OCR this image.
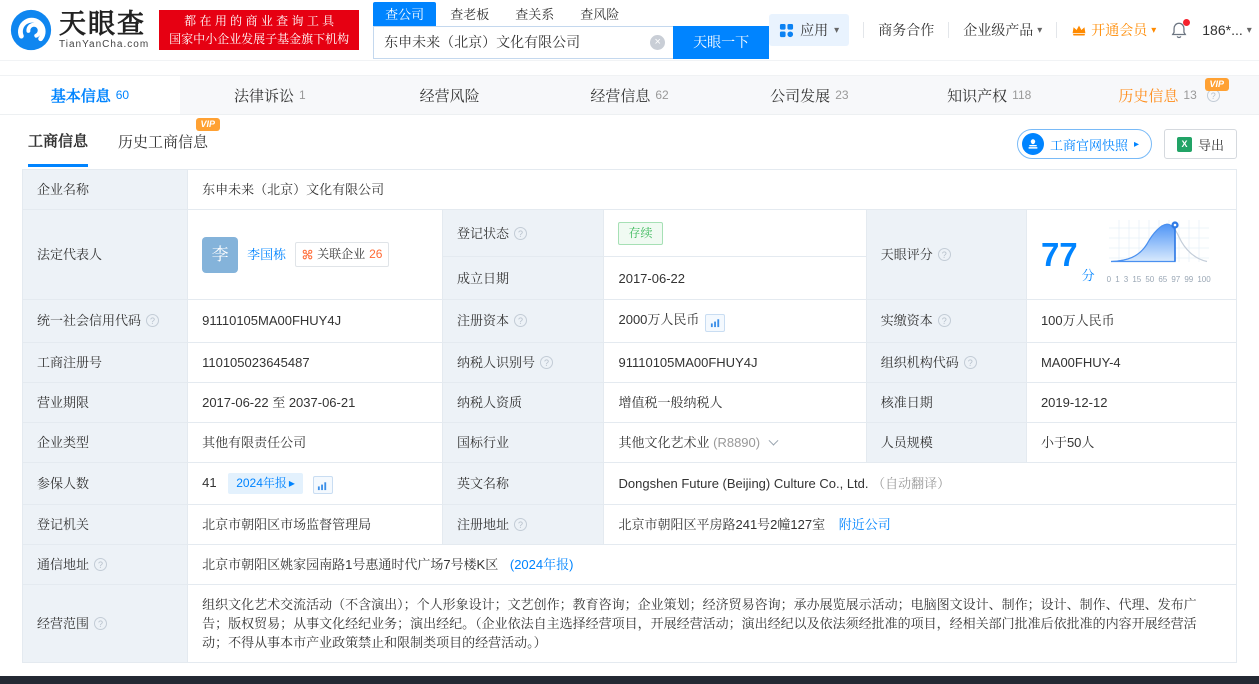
天眼查
TianYanCha.com
都 在 用 的 商 业 查 询 工 具
国家中小企业发展子基金旗下机构
查公司	查老板	查关系	查风险
东申未来（北京）文化有限公司
×	天眼一下
应用 ▾	商务合作 企业级产品 ▾	开通会员 ▾	186*... ▾
基本信息 60	法律诉讼 1	经营风险	经营信息 62	公司发展 23	知识产权 118
VIP
历史信息 13	?
工商信息 历史工商信息
VIP
工商官网快照 ▸	X 导出
企业名称	东申未来（北京）文化有限公司				
法定代表人	李	李国栋	关联企业 26
	登记状态 ?	存续	天眼评分 ?	77
分 0 1 3 15 50 65 97 99 100

		成立日期	2017-06-22		
统一社会信用代码 ?	91110105MA00FHUY4J	注册资本 ?	2000万人民币	实缴资本 ?	100万人民币
工商注册号	110105023645487	纳税人识别号 ?	91110105MA00FHUY4J	组织机构代码 ?	MA00FHUY-4
营业期限	2017-06-22 至 2037-06-21	纳税人资质	增值税一般纳税人	核准日期	2019-12-12
企业类型	其他有限责任公司	国标行业	其他文化艺术业 (R8890)	人员规模	小于50人
参保人数	41 2024年报 ▸	英文名称	Dongshen Future (Beijing) Culture Co., Ltd. （自动翻译）		
登记机关	北京市朝阳区市场监督管理局	注册地址 ?	北京市朝阳区平房路241号2幢127室 附近公司		
通信地址 ?	北京市朝阳区姚家园南路1号惠通时代广场7号楼K区 (2024年报)				
经营范围 ?	组织文化艺术交流活动（不含演出）；个人形象设计；文艺创作；教育咨询；企业策划；经济贸易咨询；承办展览展示活动；电脑图文设计、制作；设计、制作、代理、发布广告；版权贸易；从事文化经纪业务；演出经纪。（企业依法自主选择经营项目，开展经营活动；演出经纪以及依法须经批准的项目，经相关部门批准后依批准的内容开展经营活动；不得从事本市产业政策禁止和限制类项目的经营活动。）				
